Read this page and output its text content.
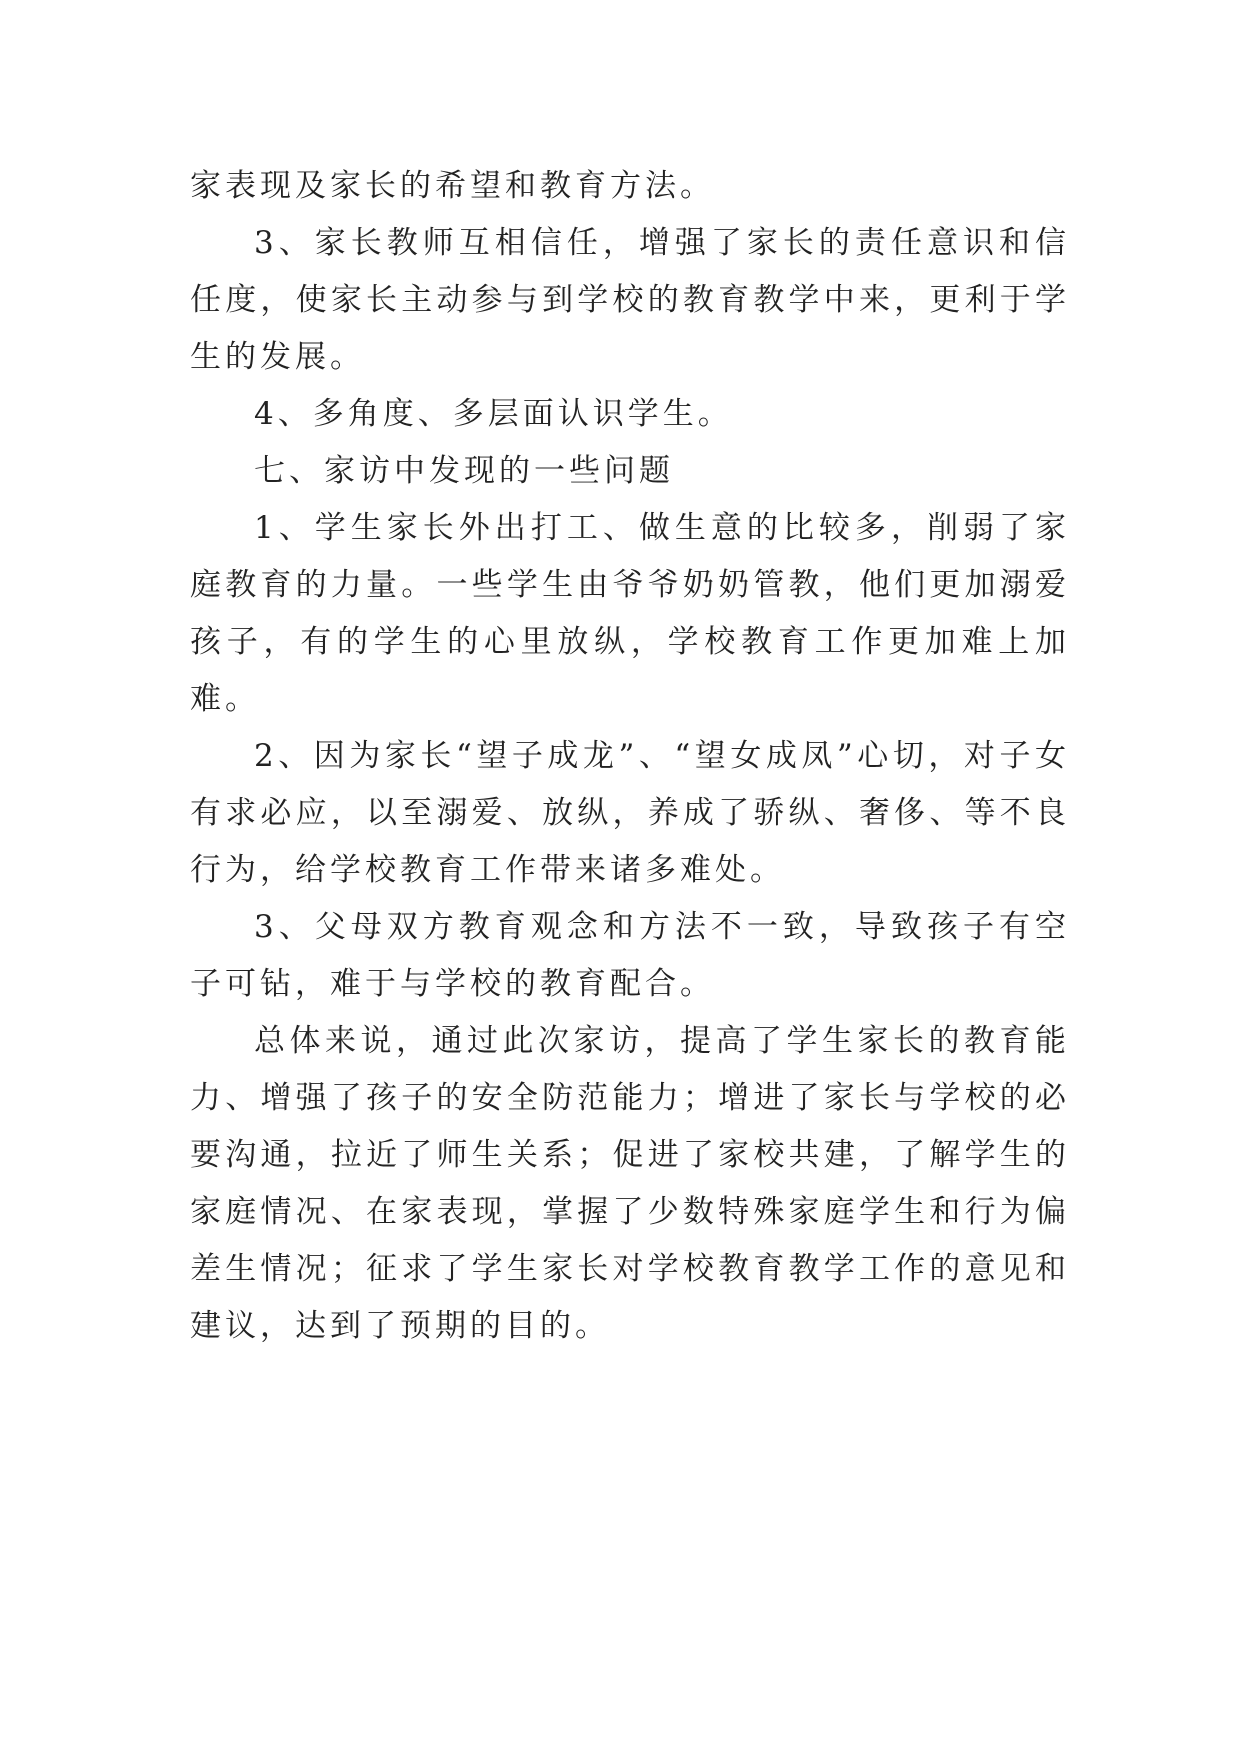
家表现及家长的希望和教育方法。

3、家长教师互相信任，增强了家长的责任意识和信任度，使家长主动参与到学校的教育教学中来，更利于学生的发展。

4、多角度、多层面认识学生。

七、家访中发现的一些问题

1、学生家长外出打工、做生意的比较多，削弱了家庭教育的力量。一些学生由爷爷奶奶管教，他们更加溺爱孩子，有的学生的心里放纵，学校教育工作更加难上加难。

2、因为家长“望子成龙”、“望女成凤”心切，对子女有求必应，以至溺爱、放纵，养成了骄纵、奢侈、等不良行为，给学校教育工作带来诸多难处。

3、父母双方教育观念和方法不一致，导致孩子有空子可钻，难于与学校的教育配合。

总体来说，通过此次家访，提高了学生家长的教育能力、增强了孩子的安全防范能力；增进了家长与学校的必要沟通，拉近了师生关系；促进了家校共建，了解学生的家庭情况、在家表现，掌握了少数特殊家庭学生和行为偏差生情况；征求了学生家长对学校教育教学工作的意见和建议，达到了预期的目的。
